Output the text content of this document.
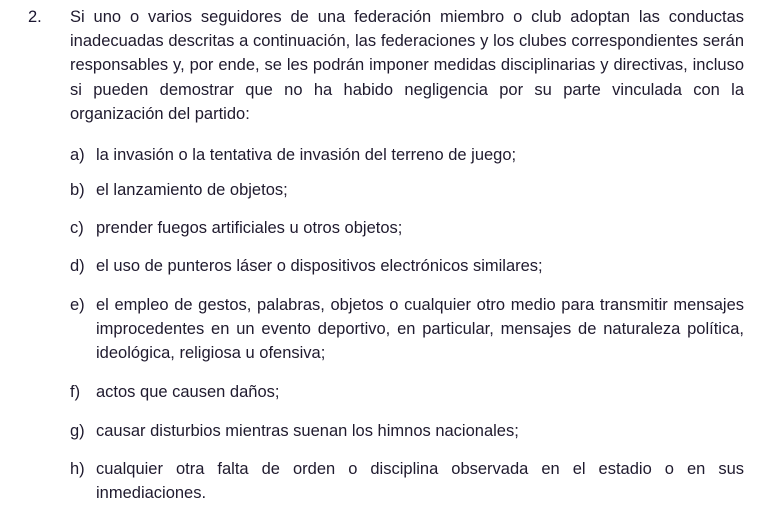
2. Si uno o varios seguidores de una federación miembro o club adoptan las conductas inadecuadas descritas a continuación, las federaciones y los clubes correspondientes serán responsables y, por ende, se les podrán imponer medidas disciplinarias y directivas, incluso si pueden demostrar que no ha habido negligencia por su parte vinculada con la organización del partido:
a) la invasión o la tentativa de invasión del terreno de juego;
b) el lanzamiento de objetos;
c) prender fuegos artificiales u otros objetos;
d) el uso de punteros láser o dispositivos electrónicos similares;
e) el empleo de gestos, palabras, objetos o cualquier otro medio para transmitir mensajes improcedentes en un evento deportivo, en particular, mensajes de naturaleza política, ideológica, religiosa u ofensiva;
f) actos que causen daños;
g) causar disturbios mientras suenan los himnos nacionales;
h) cualquier otra falta de orden o disciplina observada en el estadio o en sus inmediaciones.
